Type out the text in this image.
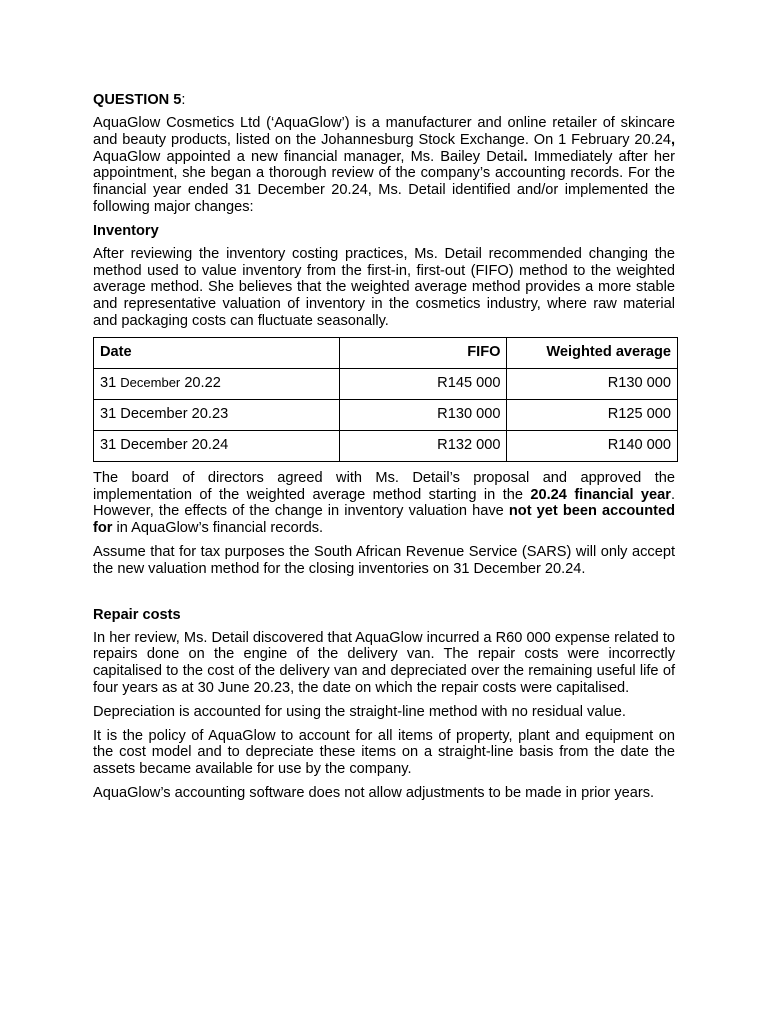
QUESTION 5:

AquaGlow Cosmetics Ltd (‘AquaGlow’) is a manufacturer and online retailer of skincare and beauty products, listed on the Johannesburg Stock Exchange. On 1 February 20.24, AquaGlow appointed a new financial manager, Ms. Bailey Detail. Immediately after her appointment, she began a thorough review of the company’s accounting records. For the financial year ended 31 December 20.24, Ms. Detail identified and/or implemented the following major changes:

Inventory

After reviewing the inventory costing practices, Ms. Detail recommended changing the method used to value inventory from the first-in, first-out (FIFO) method to the weighted average method. She believes that the weighted average method provides a more stable and representative valuation of inventory in the cosmetics industry, where raw material and packaging costs can fluctuate seasonally.

Date	FIFO	Weighted average
31 December 20.22	R145 000	R130 000
31 December 20.23	R130 000	R125 000
31 December 20.24	R132 000	R140 000

The board of directors agreed with Ms. Detail’s proposal and approved the implementation of the weighted average method starting in the 20.24 financial year. However, the effects of the change in inventory valuation have not yet been accounted for in AquaGlow’s financial records.

Assume that for tax purposes the South African Revenue Service (SARS) will only accept the new valuation method for the closing inventories on 31 December 20.24.

Repair costs

In her review, Ms. Detail discovered that AquaGlow incurred a R60 000 expense related to repairs done on the engine of the delivery van. The repair costs were incorrectly capitalised to the cost of the delivery van and depreciated over the remaining useful life of four years as at 30 June 20.23, the date on which the repair costs were capitalised.

Depreciation is accounted for using the straight-line method with no residual value.

It is the policy of AquaGlow to account for all items of property, plant and equipment on the cost model and to depreciate these items on a straight-line basis from the date the assets became available for use by the company.

AquaGlow’s accounting software does not allow adjustments to be made in prior years.
